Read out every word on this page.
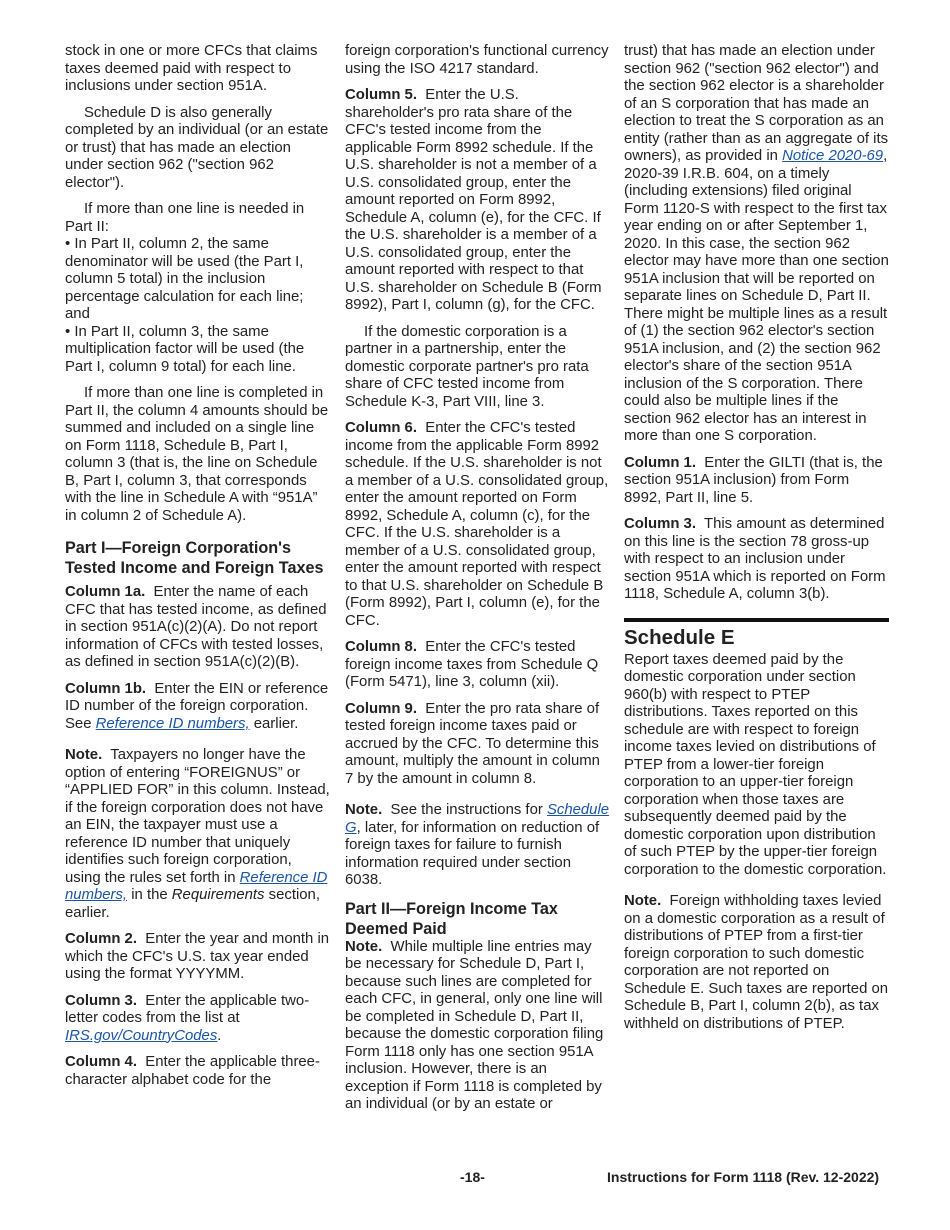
stock in one or more CFCs that claims taxes deemed paid with respect to inclusions under section 951A.

Schedule D is also generally completed by an individual (or an estate or trust) that has made an election under section 962 ("section 962 elector").

If more than one line is needed in Part II:

• In Part II, column 2, the same denominator will be used (the Part I, column 5 total) in the inclusion percentage calculation for each line; and

• In Part II, column 3, the same multiplication factor will be used (the Part I, column 9 total) for each line.

If more than one line is completed in Part II, the column 4 amounts should be summed and included on a single line on Form 1118, Schedule B, Part I, column 3 (that is, the line on Schedule B, Part I, column 3, that corresponds with the line in Schedule A with “951A” in column 2 of Schedule A).

Part I—Foreign Corporation's Tested Income and Foreign Taxes

Column 1a. Enter the name of each CFC that has tested income, as defined in section 951A(c)(2)(A). Do not report information of CFCs with tested losses, as defined in section 951A(c)(2)(B).

Column 1b. Enter the EIN or reference ID number of the foreign corporation. See Reference ID numbers, earlier.

Note. Taxpayers no longer have the option of entering “FOREIGNUS” or “APPLIED FOR” in this column. Instead, if the foreign corporation does not have an EIN, the taxpayer must use a reference ID number that uniquely identifies such foreign corporation, using the rules set forth in Reference ID numbers, in the Requirements section, earlier.

Column 2. Enter the year and month in which the CFC's U.S. tax year ended using the format YYYYMM.

Column 3. Enter the applicable two-letter codes from the list at IRS.gov/CountryCodes.

Column 4. Enter the applicable three-character alphabet code for the

foreign corporation's functional currency using the ISO 4217 standard.

Column 5. Enter the U.S. shareholder's pro rata share of the CFC's tested income from the applicable Form 8992 schedule. If the U.S. shareholder is not a member of a U.S. consolidated group, enter the amount reported on Form 8992, Schedule A, column (e), for the CFC. If the U.S. shareholder is a member of a U.S. consolidated group, enter the amount reported with respect to that U.S. shareholder on Schedule B (Form 8992), Part I, column (g), for the CFC.

If the domestic corporation is a partner in a partnership, enter the domestic corporate partner's pro rata share of CFC tested income from Schedule K-3, Part VIII, line 3.

Column 6. Enter the CFC's tested income from the applicable Form 8992 schedule. If the U.S. shareholder is not a member of a U.S. consolidated group, enter the amount reported on Form 8992, Schedule A, column (c), for the CFC. If the U.S. shareholder is a member of a U.S. consolidated group, enter the amount reported with respect to that U.S. shareholder on Schedule B (Form 8992), Part I, column (e), for the CFC.

Column 8. Enter the CFC's tested foreign income taxes from Schedule Q (Form 5471), line 3, column (xii).

Column 9. Enter the pro rata share of tested foreign income taxes paid or accrued by the CFC. To determine this amount, multiply the amount in column 7 by the amount in column 8.

Note. See the instructions for Schedule G, later, for information on reduction of foreign taxes for failure to furnish information required under section 6038.

Part II—Foreign Income Tax Deemed Paid

Note. While multiple line entries may be necessary for Schedule D, Part I, because such lines are completed for each CFC, in general, only one line will be completed in Schedule D, Part II, because the domestic corporation filing Form 1118 only has one section 951A inclusion. However, there is an exception if Form 1118 is completed by an individual (or by an estate or

trust) that has made an election under section 962 ("section 962 elector") and the section 962 elector is a shareholder of an S corporation that has made an election to treat the S corporation as an entity (rather than as an aggregate of its owners), as provided in Notice 2020-69, 2020-39 I.R.B. 604, on a timely (including extensions) filed original Form 1120-S with respect to the first tax year ending on or after September 1, 2020. In this case, the section 962 elector may have more than one section 951A inclusion that will be reported on separate lines on Schedule D, Part II. There might be multiple lines as a result of (1) the section 962 elector's section 951A inclusion, and (2) the section 962 elector's share of the section 951A inclusion of the S corporation. There could also be multiple lines if the section 962 elector has an interest in more than one S corporation.

Column 1. Enter the GILTI (that is, the section 951A inclusion) from Form 8992, Part II, line 5.

Column 3. This amount as determined on this line is the section 78 gross-up with respect to an inclusion under section 951A which is reported on Form 1118, Schedule A, column 3(b).

Schedule E

Report taxes deemed paid by the domestic corporation under section 960(b) with respect to PTEP distributions. Taxes reported on this schedule are with respect to foreign income taxes levied on distributions of PTEP from a lower-tier foreign corporation to an upper-tier foreign corporation when those taxes are subsequently deemed paid by the domestic corporation upon distribution of such PTEP by the upper-tier foreign corporation to the domestic corporation.

Note. Foreign withholding taxes levied on a domestic corporation as a result of distributions of PTEP from a first-tier foreign corporation to such domestic corporation are not reported on Schedule E. Such taxes are reported on Schedule B, Part I, column 2(b), as tax withheld on distributions of PTEP.

-18-	Instructions for Form 1118 (Rev. 12-2022)
